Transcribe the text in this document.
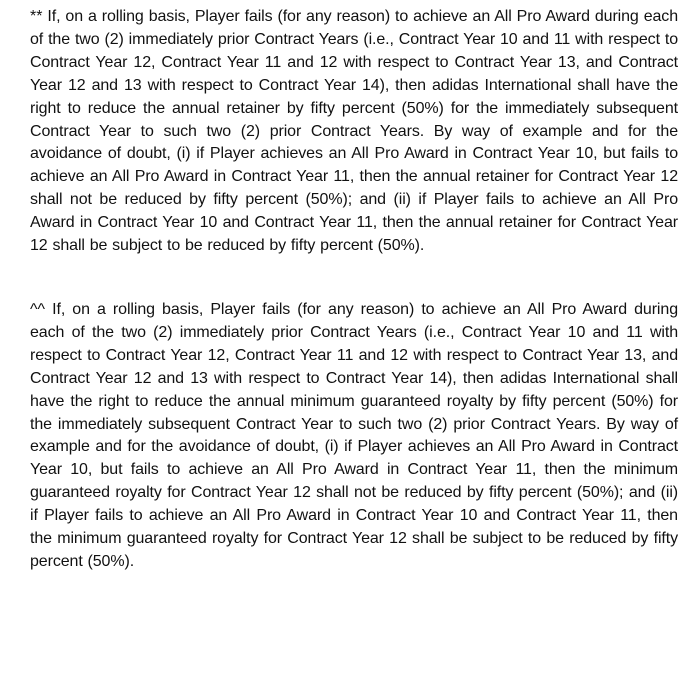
** If, on a rolling basis, Player fails (for any reason) to achieve an All Pro Award during each of the two (2) immediately prior Contract Years (i.e., Contract Year 10 and 11 with respect to Contract Year 12, Contract Year 11 and 12 with respect to Contract Year 13, and Contract Year 12 and 13 with respect to Contract Year 14), then adidas International shall have the right to reduce the annual retainer by fifty percent (50%) for the immediately subsequent Contract Year to such two (2) prior Contract Years. By way of example and for the avoidance of doubt, (i) if Player achieves an All Pro Award in Contract Year 10, but fails to achieve an All Pro Award in Contract Year 11, then the annual retainer for Contract Year 12 shall not be reduced by fifty percent (50%); and (ii) if Player fails to achieve an All Pro Award in Contract Year 10 and Contract Year 11, then the annual retainer for Contract Year 12 shall be subject to be reduced by fifty percent (50%).

^^ If, on a rolling basis, Player fails (for any reason) to achieve an All Pro Award during each of the two (2) immediately prior Contract Years (i.e., Contract Year 10 and 11 with respect to Contract Year 12, Contract Year 11 and 12 with respect to Contract Year 13, and Contract Year 12 and 13 with respect to Contract Year 14), then adidas International shall have the right to reduce the annual minimum guaranteed royalty by fifty percent (50%) for the immediately subsequent Contract Year to such two (2) prior Contract Years. By way of example and for the avoidance of doubt, (i) if Player achieves an All Pro Award in Contract Year 10, but fails to achieve an All Pro Award in Contract Year 11, then the minimum guaranteed royalty for Contract Year 12 shall not be reduced by fifty percent (50%); and (ii) if Player fails to achieve an All Pro Award in Contract Year 10 and Contract Year 11, then the minimum guaranteed royalty for Contract Year 12 shall be subject to be reduced by fifty percent (50%).
